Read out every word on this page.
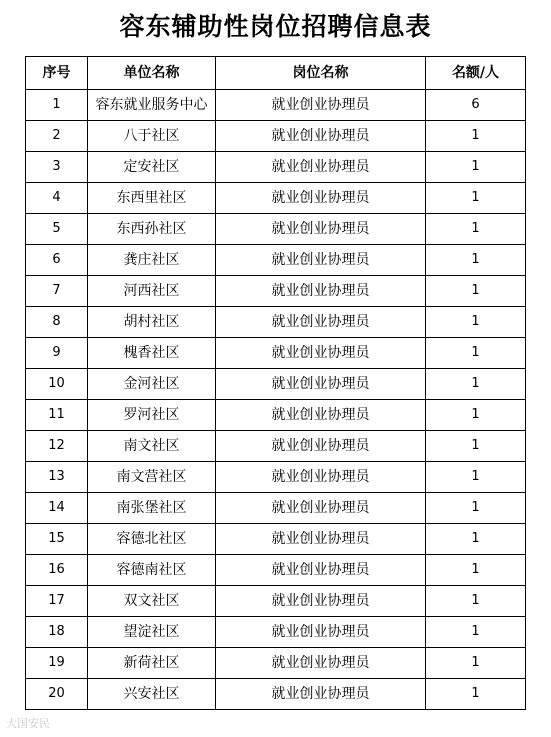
容东辅助性岗位招聘信息表
序号	单位名称	岗位名称	名额/人
1	容东就业服务中心	就业创业协理员	6
2	八于社区	就业创业协理员	1
3	定安社区	就业创业协理员	1
4	东西里社区	就业创业协理员	1
5	东西孙社区	就业创业协理员	1
6	龚庄社区	就业创业协理员	1
7	河西社区	就业创业协理员	1
8	胡村社区	就业创业协理员	1
9	槐香社区	就业创业协理员	1
10	金河社区	就业创业协理员	1
11	罗河社区	就业创业协理员	1
12	南文社区	就业创业协理员	1
13	南文营社区	就业创业协理员	1
14	南张堡社区	就业创业协理员	1
15	容德北社区	就业创业协理员	1
16	容德南社区	就业创业协理员	1
17	双文社区	就业创业协理员	1
18	望淀社区	就业创业协理员	1
19	新荷社区	就业创业协理员	1
20	兴安社区	就业创业协理员	1
大国安民
